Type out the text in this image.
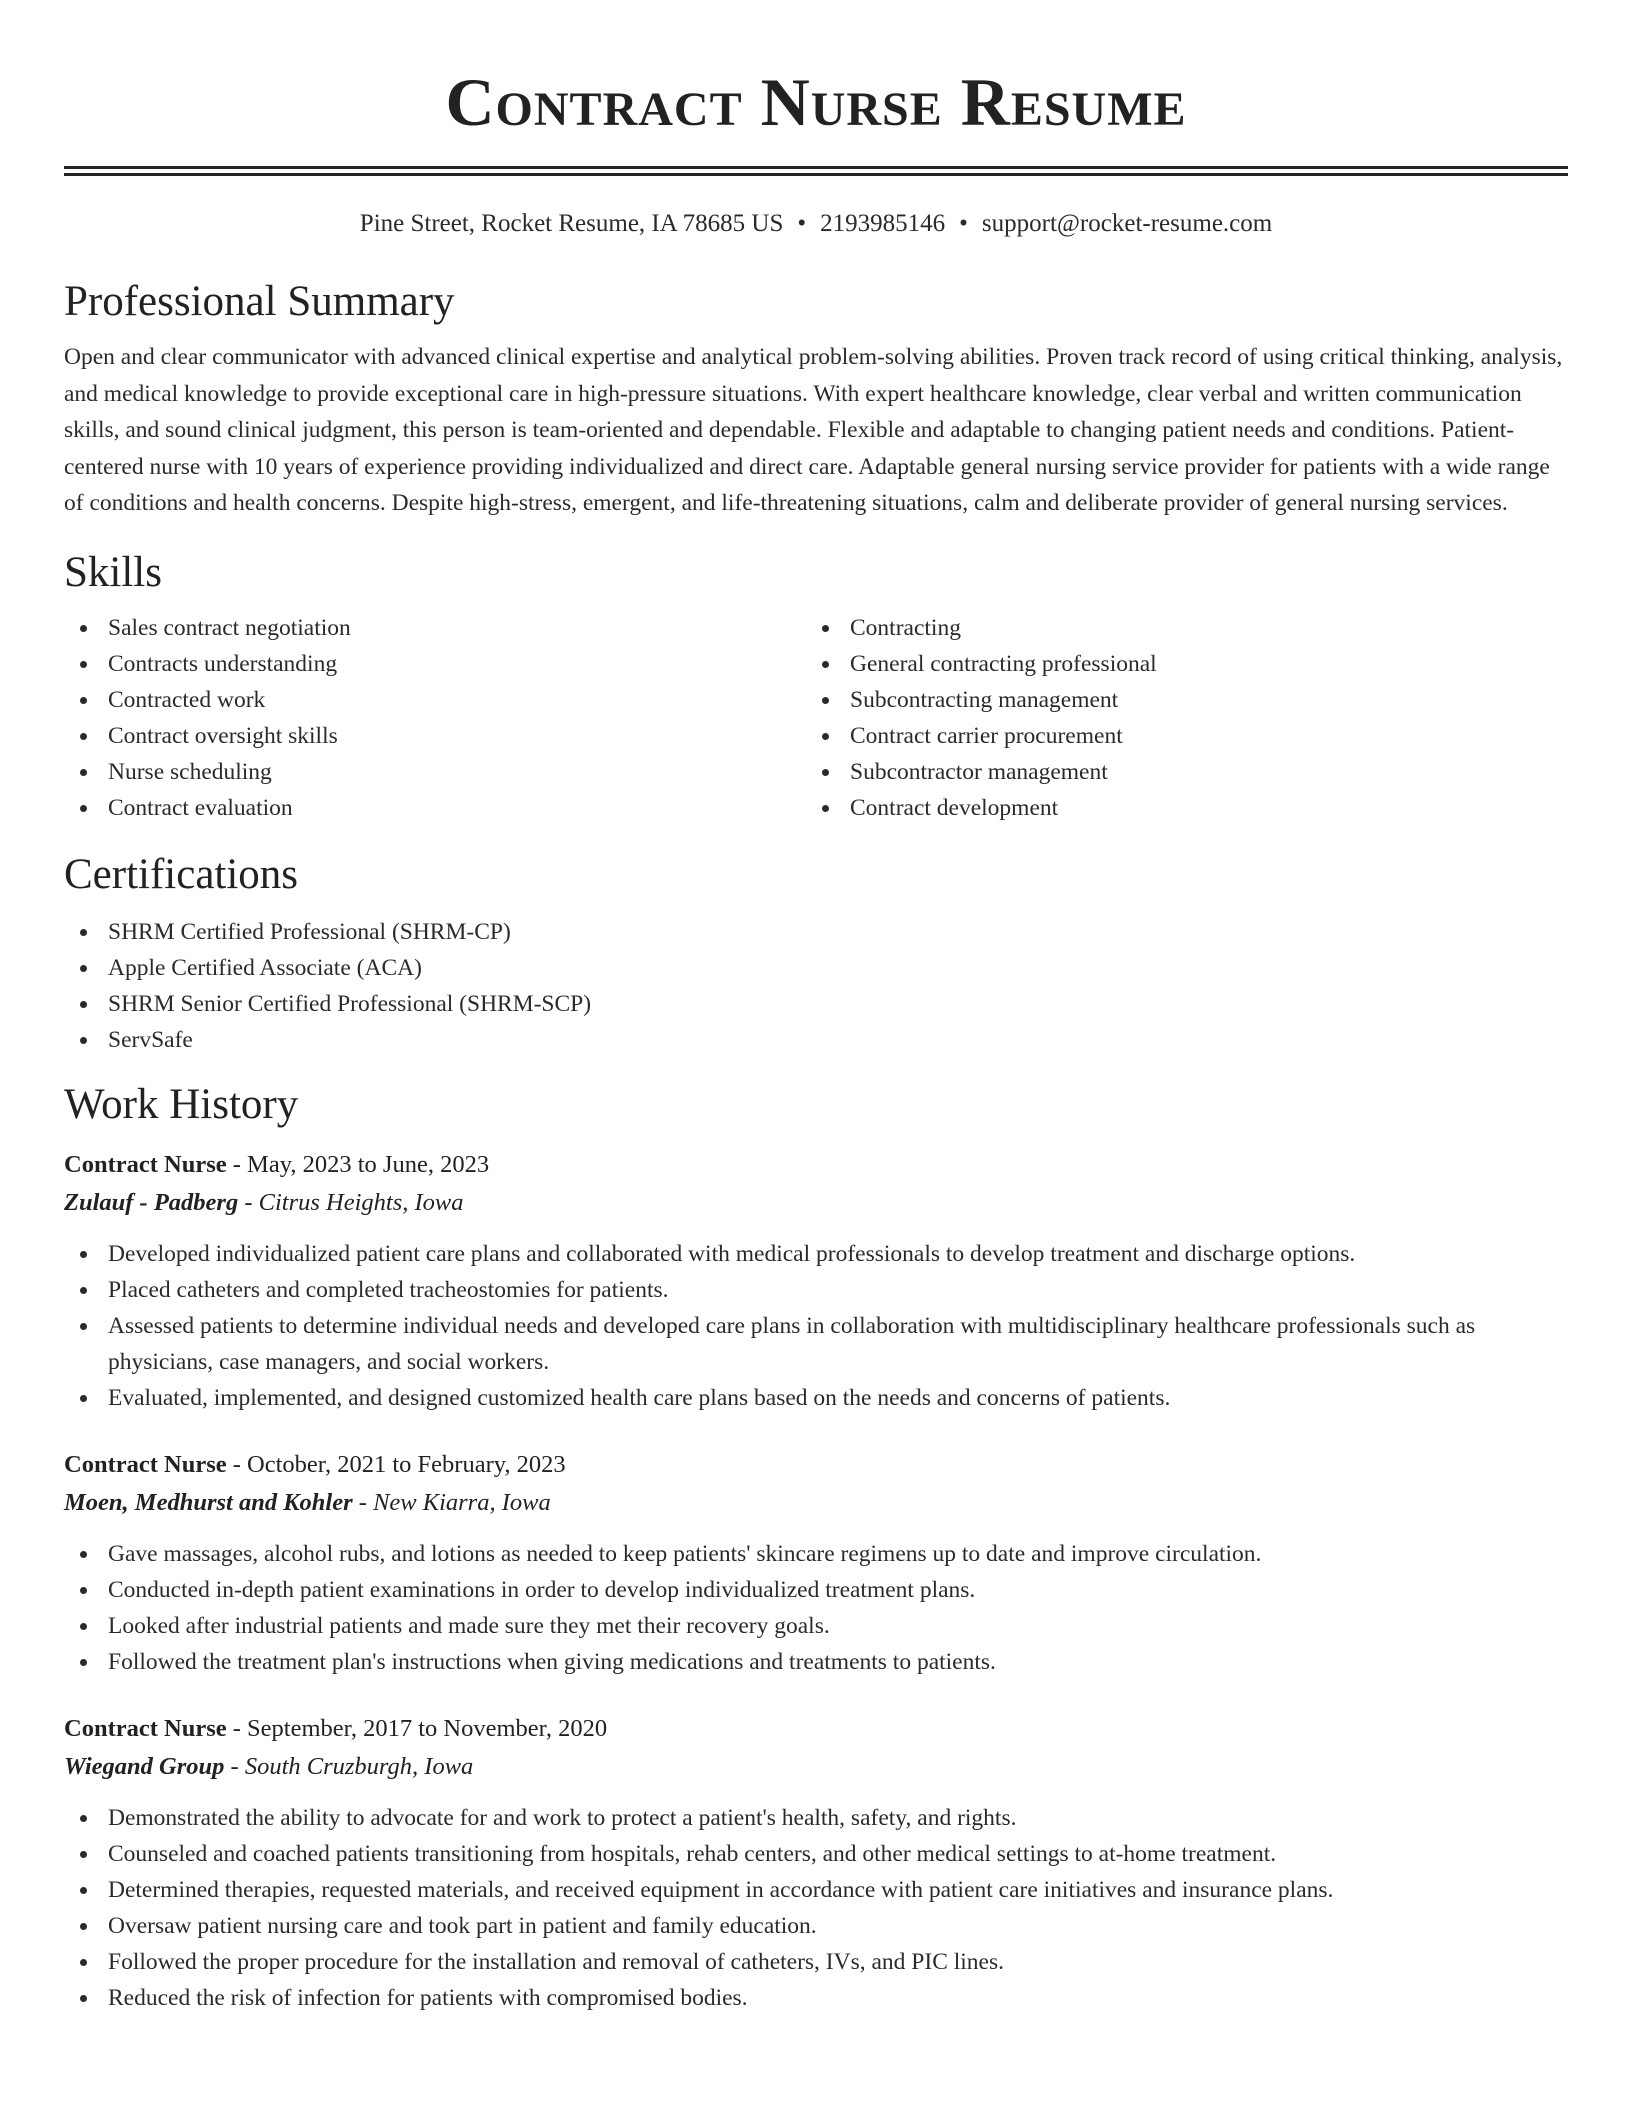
Contract Nurse Resume
Pine Street, Rocket Resume, IA 78685 US • 2193985146 • support@rocket-resume.com
Professional Summary
Open and clear communicator with advanced clinical expertise and analytical problem-solving abilities. Proven track record of using critical thinking, analysis, and medical knowledge to provide exceptional care in high-pressure situations. With expert healthcare knowledge, clear verbal and written communication skills, and sound clinical judgment, this person is team-oriented and dependable. Flexible and adaptable to changing patient needs and conditions. Patient-centered nurse with 10 years of experience providing individualized and direct care. Adaptable general nursing service provider for patients with a wide range of conditions and health concerns. Despite high-stress, emergent, and life-threatening situations, calm and deliberate provider of general nursing services.
Skills
Sales contract negotiation
Contracts understanding
Contracted work
Contract oversight skills
Nurse scheduling
Contract evaluation
Contracting
General contracting professional
Subcontracting management
Contract carrier procurement
Subcontractor management
Contract development
Certifications
SHRM Certified Professional (SHRM-CP)
Apple Certified Associate (ACA)
SHRM Senior Certified Professional (SHRM-SCP)
ServSafe
Work History
Contract Nurse - May, 2023 to June, 2023
Zulauf - Padberg - Citrus Heights, Iowa
Developed individualized patient care plans and collaborated with medical professionals to develop treatment and discharge options.
Placed catheters and completed tracheostomies for patients.
Assessed patients to determine individual needs and developed care plans in collaboration with multidisciplinary healthcare professionals such as physicians, case managers, and social workers.
Evaluated, implemented, and designed customized health care plans based on the needs and concerns of patients.
Contract Nurse - October, 2021 to February, 2023
Moen, Medhurst and Kohler - New Kiarra, Iowa
Gave massages, alcohol rubs, and lotions as needed to keep patients' skincare regimens up to date and improve circulation.
Conducted in-depth patient examinations in order to develop individualized treatment plans.
Looked after industrial patients and made sure they met their recovery goals.
Followed the treatment plan's instructions when giving medications and treatments to patients.
Contract Nurse - September, 2017 to November, 2020
Wiegand Group - South Cruzburgh, Iowa
Demonstrated the ability to advocate for and work to protect a patient's health, safety, and rights.
Counseled and coached patients transitioning from hospitals, rehab centers, and other medical settings to at-home treatment.
Determined therapies, requested materials, and received equipment in accordance with patient care initiatives and insurance plans.
Oversaw patient nursing care and took part in patient and family education.
Followed the proper procedure for the installation and removal of catheters, IVs, and PIC lines.
Reduced the risk of infection for patients with compromised bodies.
